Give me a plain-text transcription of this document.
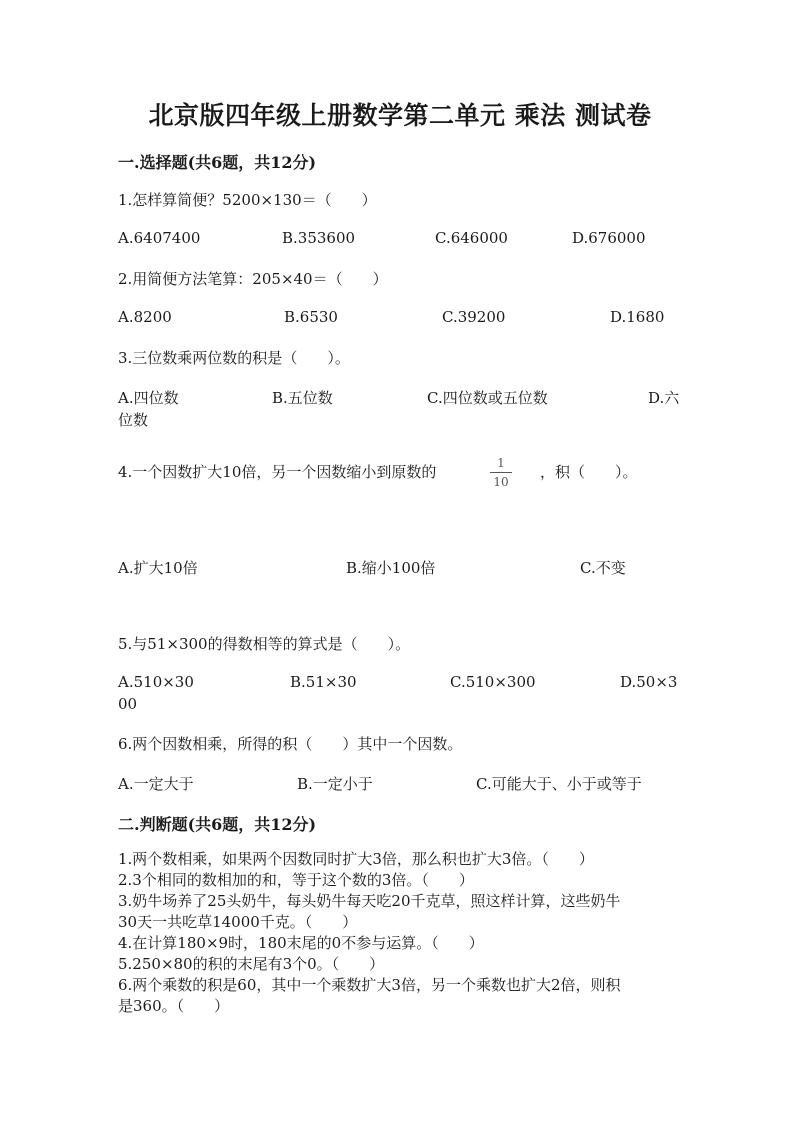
北京版四年级上册数学第二单元 乘法 测试卷
一.选择题(共6题，共12分)
1.怎样算简便？5200×130＝（　　）
A.6407400	B.353600	C.646000	D.676000
2.用简便方法笔算：205×40＝（　　）
A.8200	B.6530	C.39200	D.1680
3.三位数乘两位数的积是（　　）。
A.四位数	B.五位数	C.四位数或五位数	D.六
位数
4.一个因数扩大10倍，另一个因数缩小到原数的	1
10
，积（　　）。
A.扩大10倍	B.缩小100倍	C.不变
5.与51×300的得数相等的算式是（　　）。
A.510×30	B.51×30	C.510×300	D.50×3
00
6.两个因数相乘，所得的积（　　）其中一个因数。
A.一定大于	B.一定小于	C.可能大于、小于或等于
二.判断题(共6题，共12分)
1.两个数相乘，如果两个因数同时扩大3倍，那么积也扩大3倍。（　　）
2.3个相同的数相加的和，等于这个数的3倍。（　　）
3.奶牛场养了25头奶牛，每头奶牛每天吃20千克草，照这样计算，这些奶牛
30天一共吃草14000千克。（　　）
4.在计算180×9时，180末尾的0不参与运算。（　　）
5.250×80的积的末尾有3个0。（　　）
6.两个乘数的积是60，其中一个乘数扩大3倍，另一个乘数也扩大2倍，则积
是360。（　　）
